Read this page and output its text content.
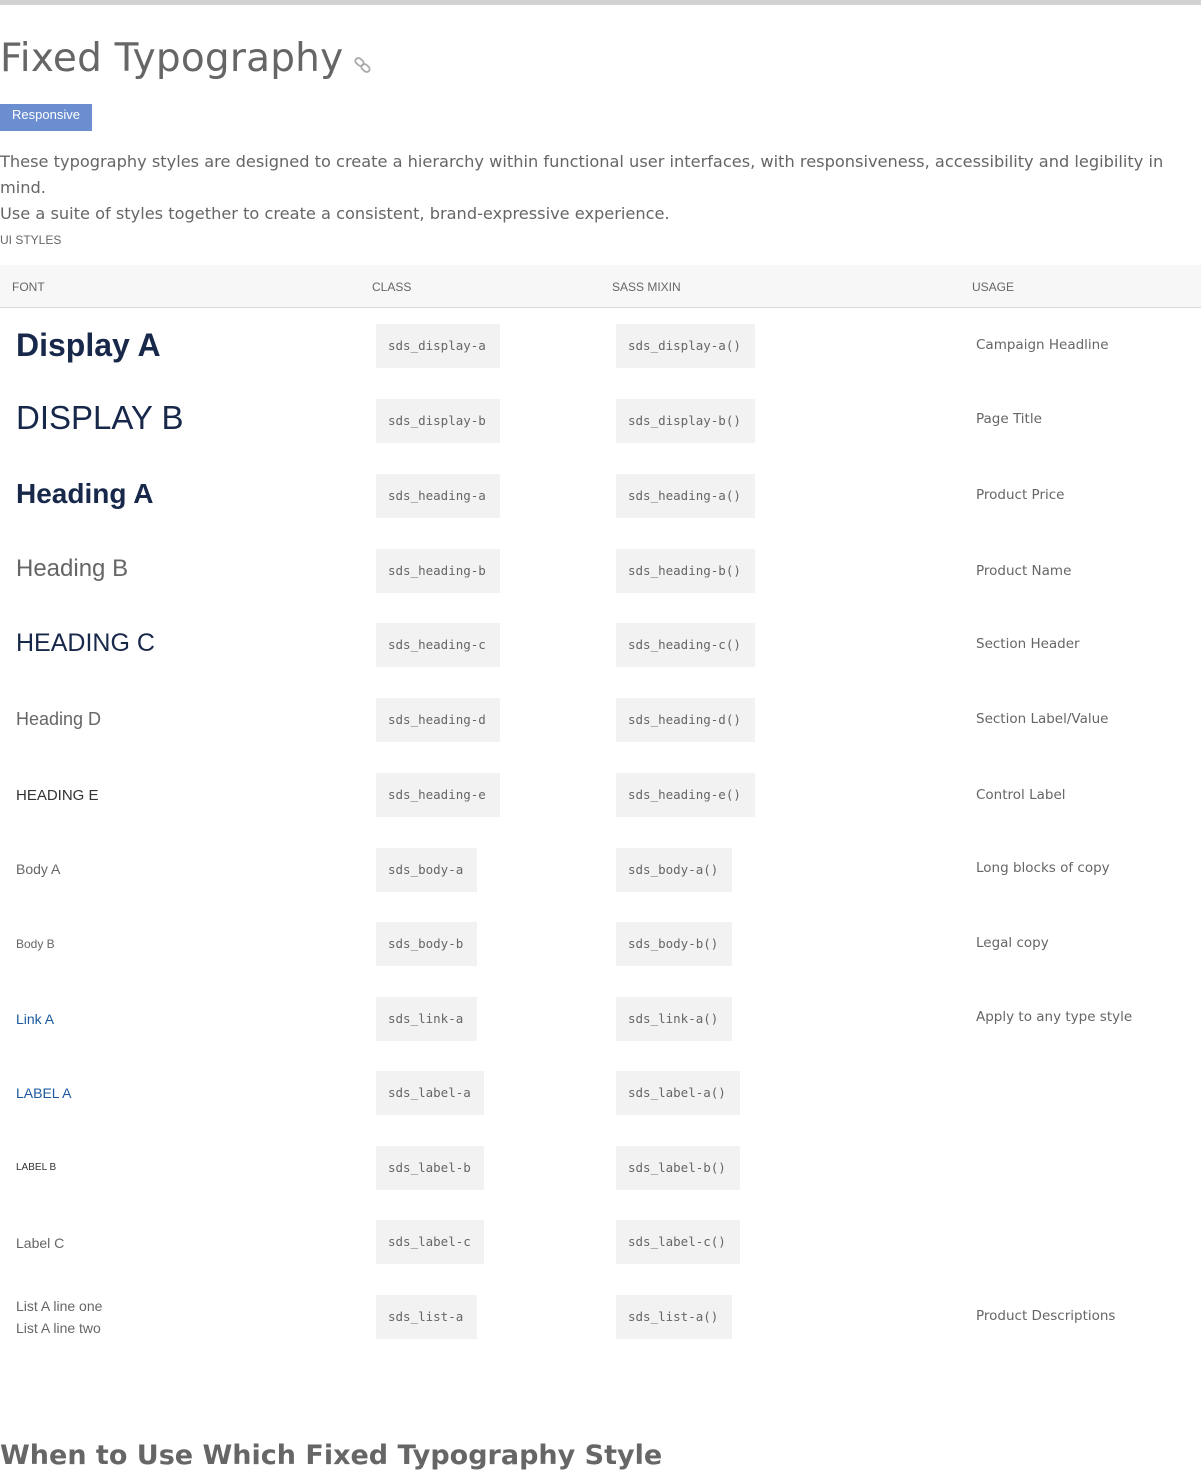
Fixed Typography
Responsive

These typography styles are designed to create a hierarchy within functional user interfaces, with responsiveness, accessibility and legibility in mind.
Use a suite of styles together to create a consistent, brand-expressive experience.

UI STYLES
FONT	CLASS	SASS MIXIN	USAGE
Display A	sds_display-a	sds_display-a()	Campaign Headline
DISPLAY B	sds_display-b	sds_display-b()	Page Title
Heading A	sds_heading-a	sds_heading-a()	Product Price
Heading B	sds_heading-b	sds_heading-b()	Product Name
HEADING C	sds_heading-c	sds_heading-c()	Section Header
Heading D	sds_heading-d	sds_heading-d()	Section Label/Value
HEADING E	sds_heading-e	sds_heading-e()	Control Label
Body A	sds_body-a	sds_body-a()	Long blocks of copy
Body B	sds_body-b	sds_body-b()	Legal copy
Link A	sds_link-a	sds_link-a()	Apply to any type style
LABEL A	sds_label-a	sds_label-a()
LABEL B	sds_label-b	sds_label-b()
Label C	sds_label-c	sds_label-c()
List A line one
List A line two
sds_list-a	sds_list-a()	Product Descriptions
When to Use Which Fixed Typography Style
